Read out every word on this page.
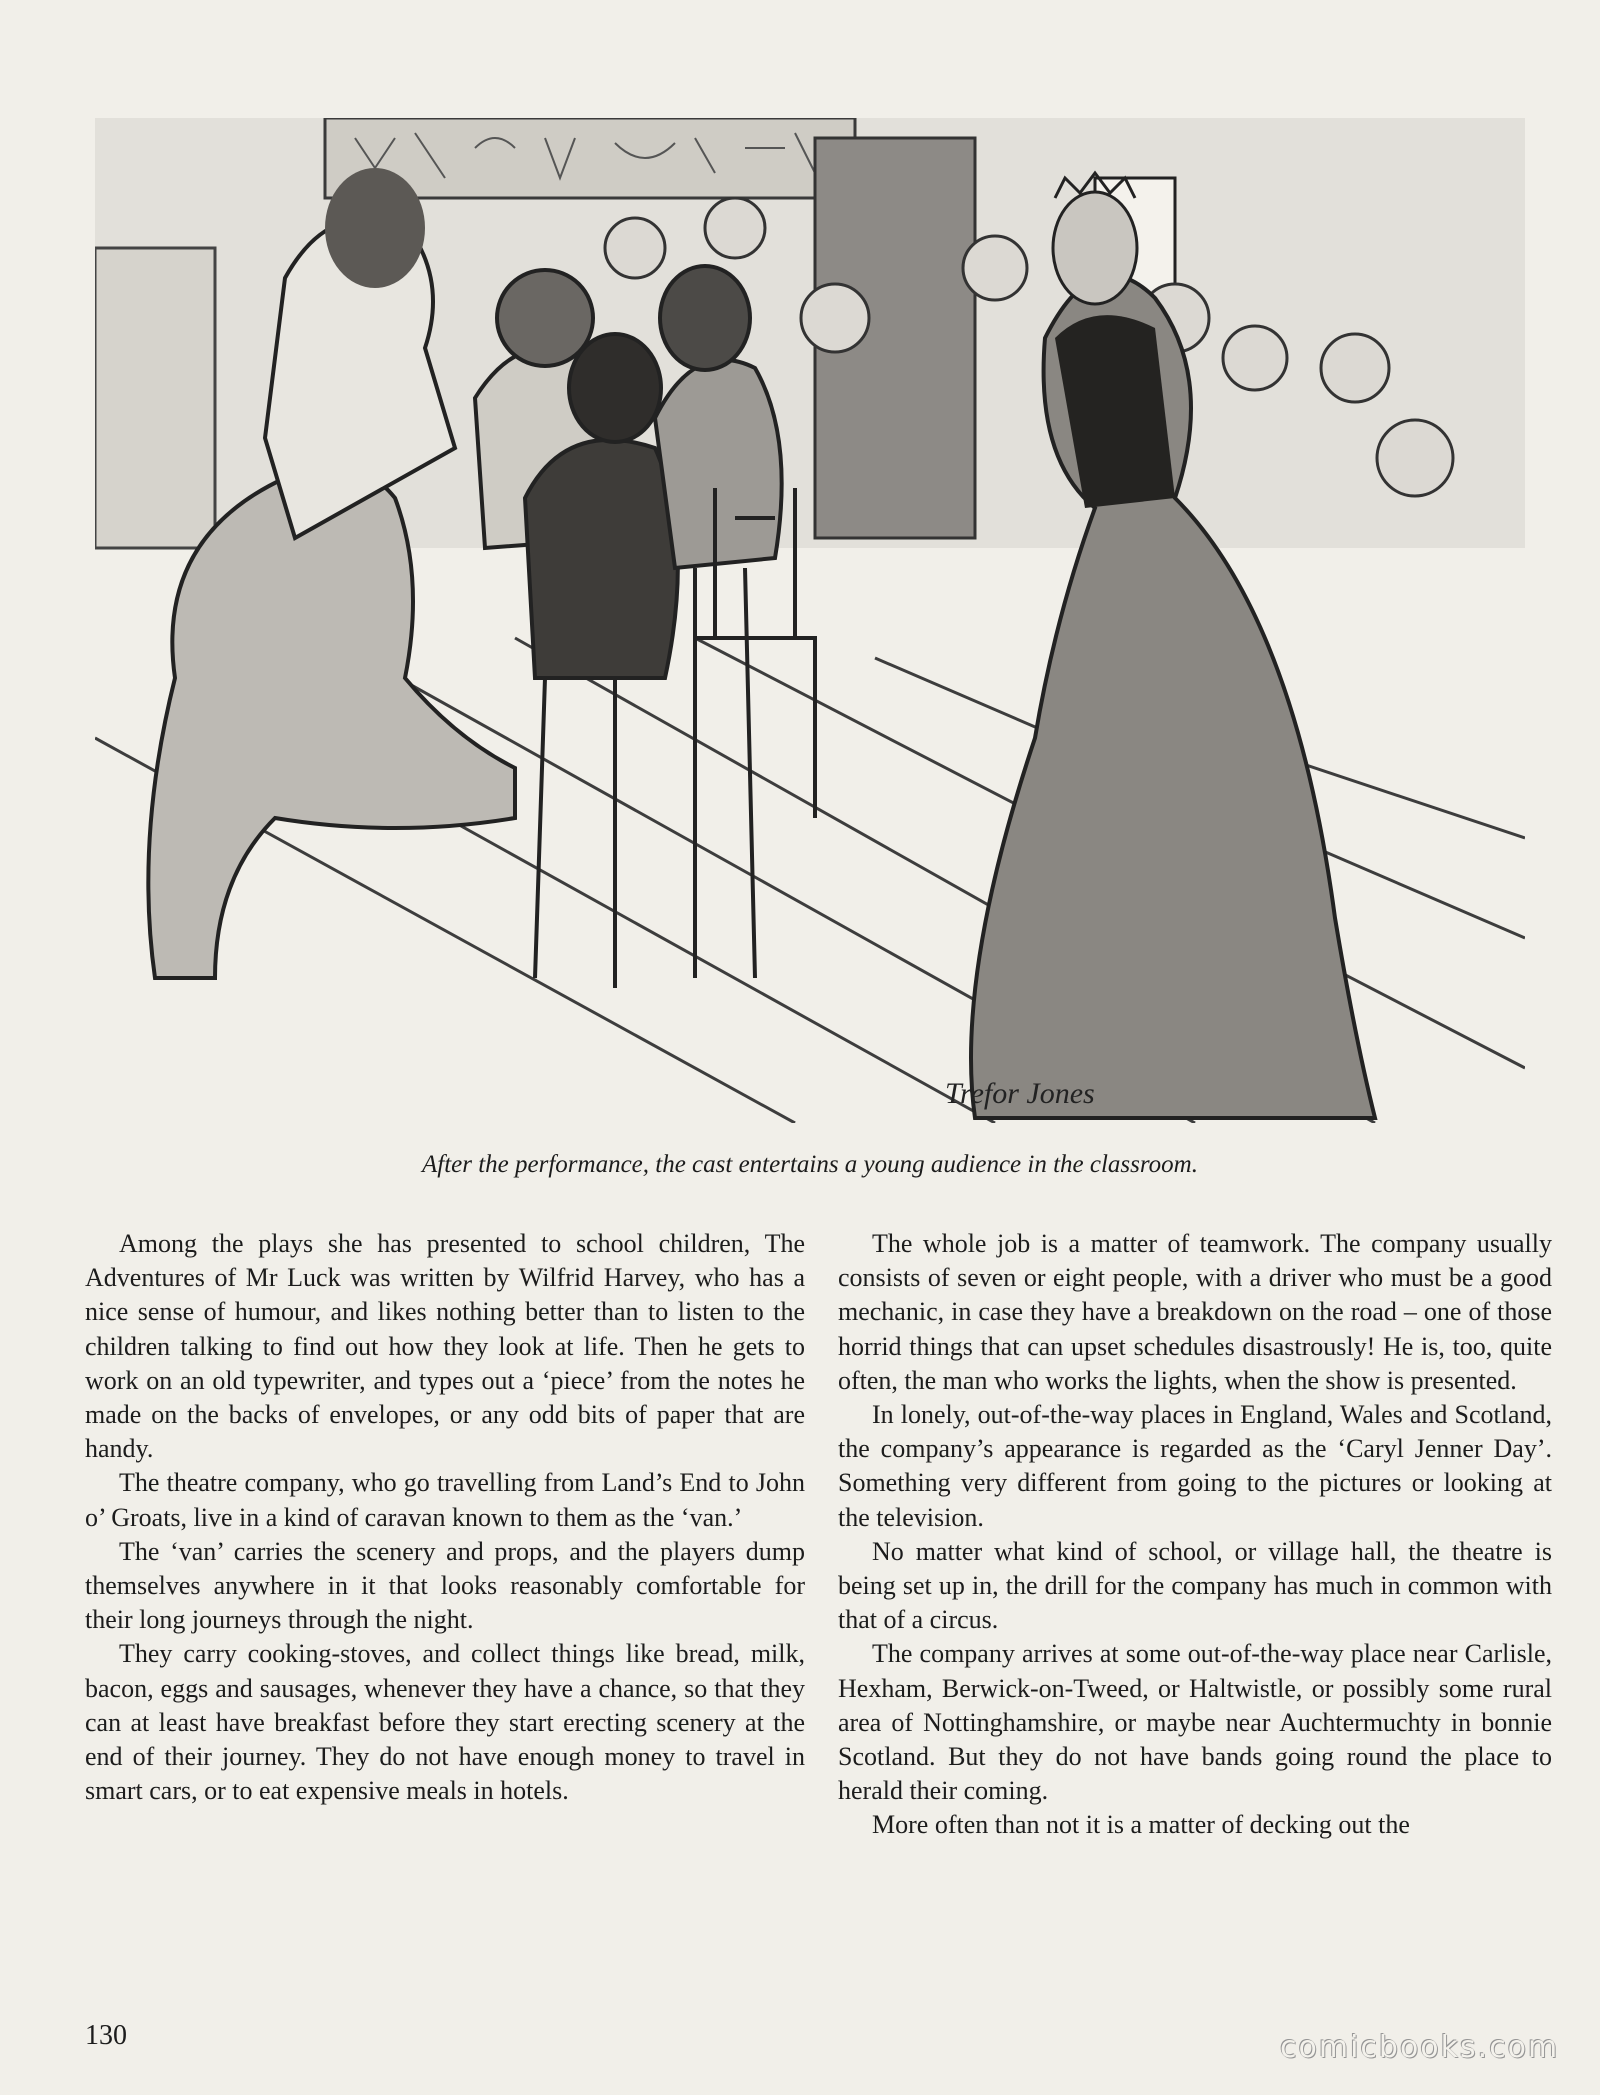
Trefor Jones
After the performance, the cast entertains a young audience in the classroom.

Among the plays she has presented to school children, The Adventures of Mr Luck was written by Wilfrid Harvey, who has a nice sense of humour, and likes nothing better than to listen to the children talking to find out how they look at life. Then he gets to work on an old typewriter, and types out a ‘piece’ from the notes he made on the backs of envelopes, or any odd bits of paper that are handy.

The theatre company, who go travelling from Land’s End to John o’ Groats, live in a kind of caravan known to them as the ‘van.’

The ‘van’ carries the scenery and props, and the players dump themselves anywhere in it that looks reasonably comfortable for their long journeys through the night.

They carry cooking-stoves, and collect things like bread, milk, bacon, eggs and sausages, whenever they have a chance, so that they can at least have breakfast before they start erecting scenery at the end of their journey. They do not have enough money to travel in smart cars, or to eat expensive meals in hotels.

The whole job is a matter of teamwork. The company usually consists of seven or eight people, with a driver who must be a good mechanic, in case they have a breakdown on the road – one of those horrid things that can upset schedules disastrously! He is, too, quite often, the man who works the lights, when the show is presented.

In lonely, out-of-the-way places in England, Wales and Scotland, the company’s appearance is regarded as the ‘Caryl Jenner Day’. Something very different from going to the pictures or looking at the television.

No matter what kind of school, or village hall, the theatre is being set up in, the drill for the company has much in common with that of a circus.

The company arrives at some out-of-the-way place near Carlisle, Hexham, Berwick-on-Tweed, or Haltwistle, or possibly some rural area of Nottinghamshire, or maybe near Auchtermuchty in bonnie Scotland. But they do not have bands going round the place to herald their coming.

More often than not it is a matter of decking out the

130	comicbooks.com
